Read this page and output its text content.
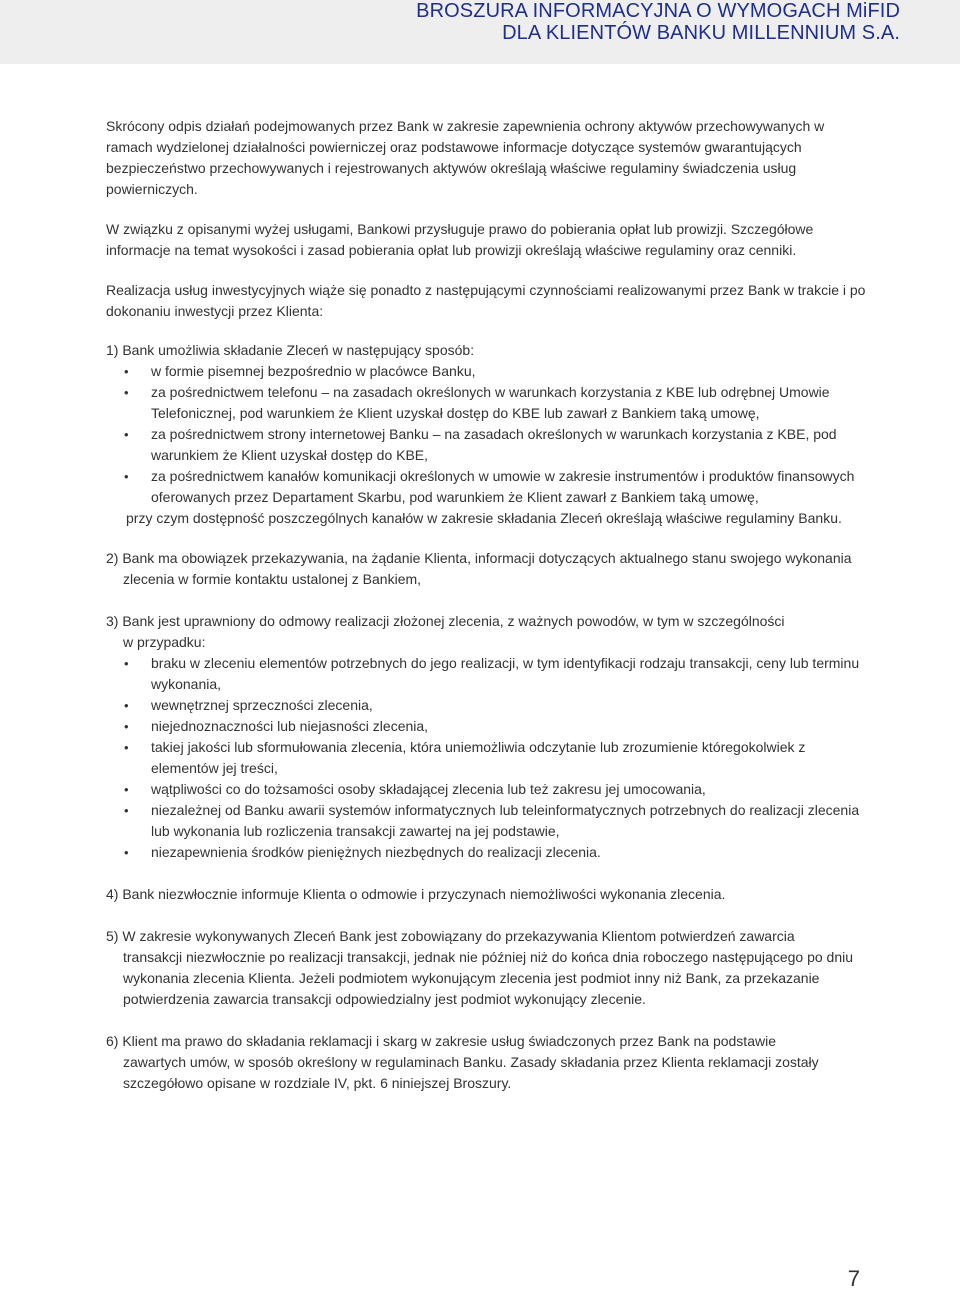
BROSZURA INFORMACYJNA O WYMOGACH MiFID
DLA KLIENTÓW BANKU MILLENNIUM S.A.

Skrócony odpis działań podejmowanych przez Bank w zakresie zapewnienia ochrony aktywów przechowywanych w ramach wydzielonej działalności powierniczej oraz podstawowe informacje dotyczące systemów gwarantujących bezpieczeństwo przechowywanych i rejestrowanych aktywów określają właściwe regulaminy świadczenia usług powierniczych.

W związku z opisanymi wyżej usługami, Bankowi przysługuje prawo do pobierania opłat lub prowizji. Szczegółowe informacje na temat wysokości i zasad pobierania opłat lub prowizji określają właściwe regulaminy oraz cenniki.

Realizacja usług inwestycyjnych wiąże się ponadto z następującymi czynnościami realizowanymi przez Bank w trakcie i po dokonaniu inwestycji przez Klienta:

1) Bank umożliwia składanie Zleceń w następujący sposób:

• w formie pisemnej bezpośrednio w placówce Banku,
• za pośrednictwem telefonu – na zasadach określonych w warunkach korzystania z KBE lub odrębnej Umowie Telefonicznej, pod warunkiem że Klient uzyskał dostęp do KBE lub zawarł z Bankiem taką umowę,
• za pośrednictwem strony internetowej Banku – na zasadach określonych w warunkach korzystania z KBE, pod warunkiem że Klient uzyskał dostęp do KBE,
• za pośrednictwem kanałów komunikacji określonych w umowie w zakresie instrumentów i produktów finansowych oferowanych przez Departament Skarbu, pod warunkiem że Klient zawarł z Bankiem taką umowę,

przy czym dostępność poszczególnych kanałów w zakresie składania Zleceń określają właściwe regulaminy Banku.

2) Bank ma obowiązek przekazywania, na żądanie Klienta, informacji dotyczących aktualnego stanu swojego wykonania
zlecenia w formie kontaktu ustalonej z Bankiem,

3) Bank jest uprawniony do odmowy realizacji złożonej zlecenia, z ważnych powodów, w tym w szczególności
w przypadku:
• braku w zleceniu elementów potrzebnych do jego realizacji, w tym identyfikacji rodzaju transakcji, ceny lub terminu wykonania,
• wewnętrznej sprzeczności zlecenia,
• niejednoznaczności lub niejasności zlecenia,
• takiej jakości lub sformułowania zlecenia, która uniemożliwia odczytanie lub zrozumienie któregokolwiek z elementów jej treści,
• wątpliwości co do tożsamości osoby składającej zlecenia lub też zakresu jej umocowania,
• niezależnej od Banku awarii systemów informatycznych lub teleinformatycznych potrzebnych do realizacji zlecenia lub wykonania lub rozliczenia transakcji zawartej na jej podstawie,
• niezapewnienia środków pieniężnych niezbędnych do realizacji zlecenia.

4) Bank niezwłocznie informuje Klienta o odmowie i przyczynach niemożliwości wykonania zlecenia.

5) W zakresie wykonywanych Zleceń Bank jest zobowiązany do przekazywania Klientom potwierdzeń zawarcia
transakcji niezwłocznie po realizacji transakcji, jednak nie później niż do końca dnia roboczego następującego po dniu wykonania zlecenia Klienta. Jeżeli podmiotem wykonującym zlecenia jest podmiot inny niż Bank, za przekazanie potwierdzenia zawarcia transakcji odpowiedzialny jest podmiot wykonujący zlecenie.

6) Klient ma prawo do składania reklamacji i skarg w zakresie usług świadczonych przez Bank na podstawie
zawartych umów, w sposób określony w regulaminach Banku. Zasady składania przez Klienta reklamacji zostały szczegółowo opisane w rozdziale IV, pkt. 6 niniejszej Broszury.

7
